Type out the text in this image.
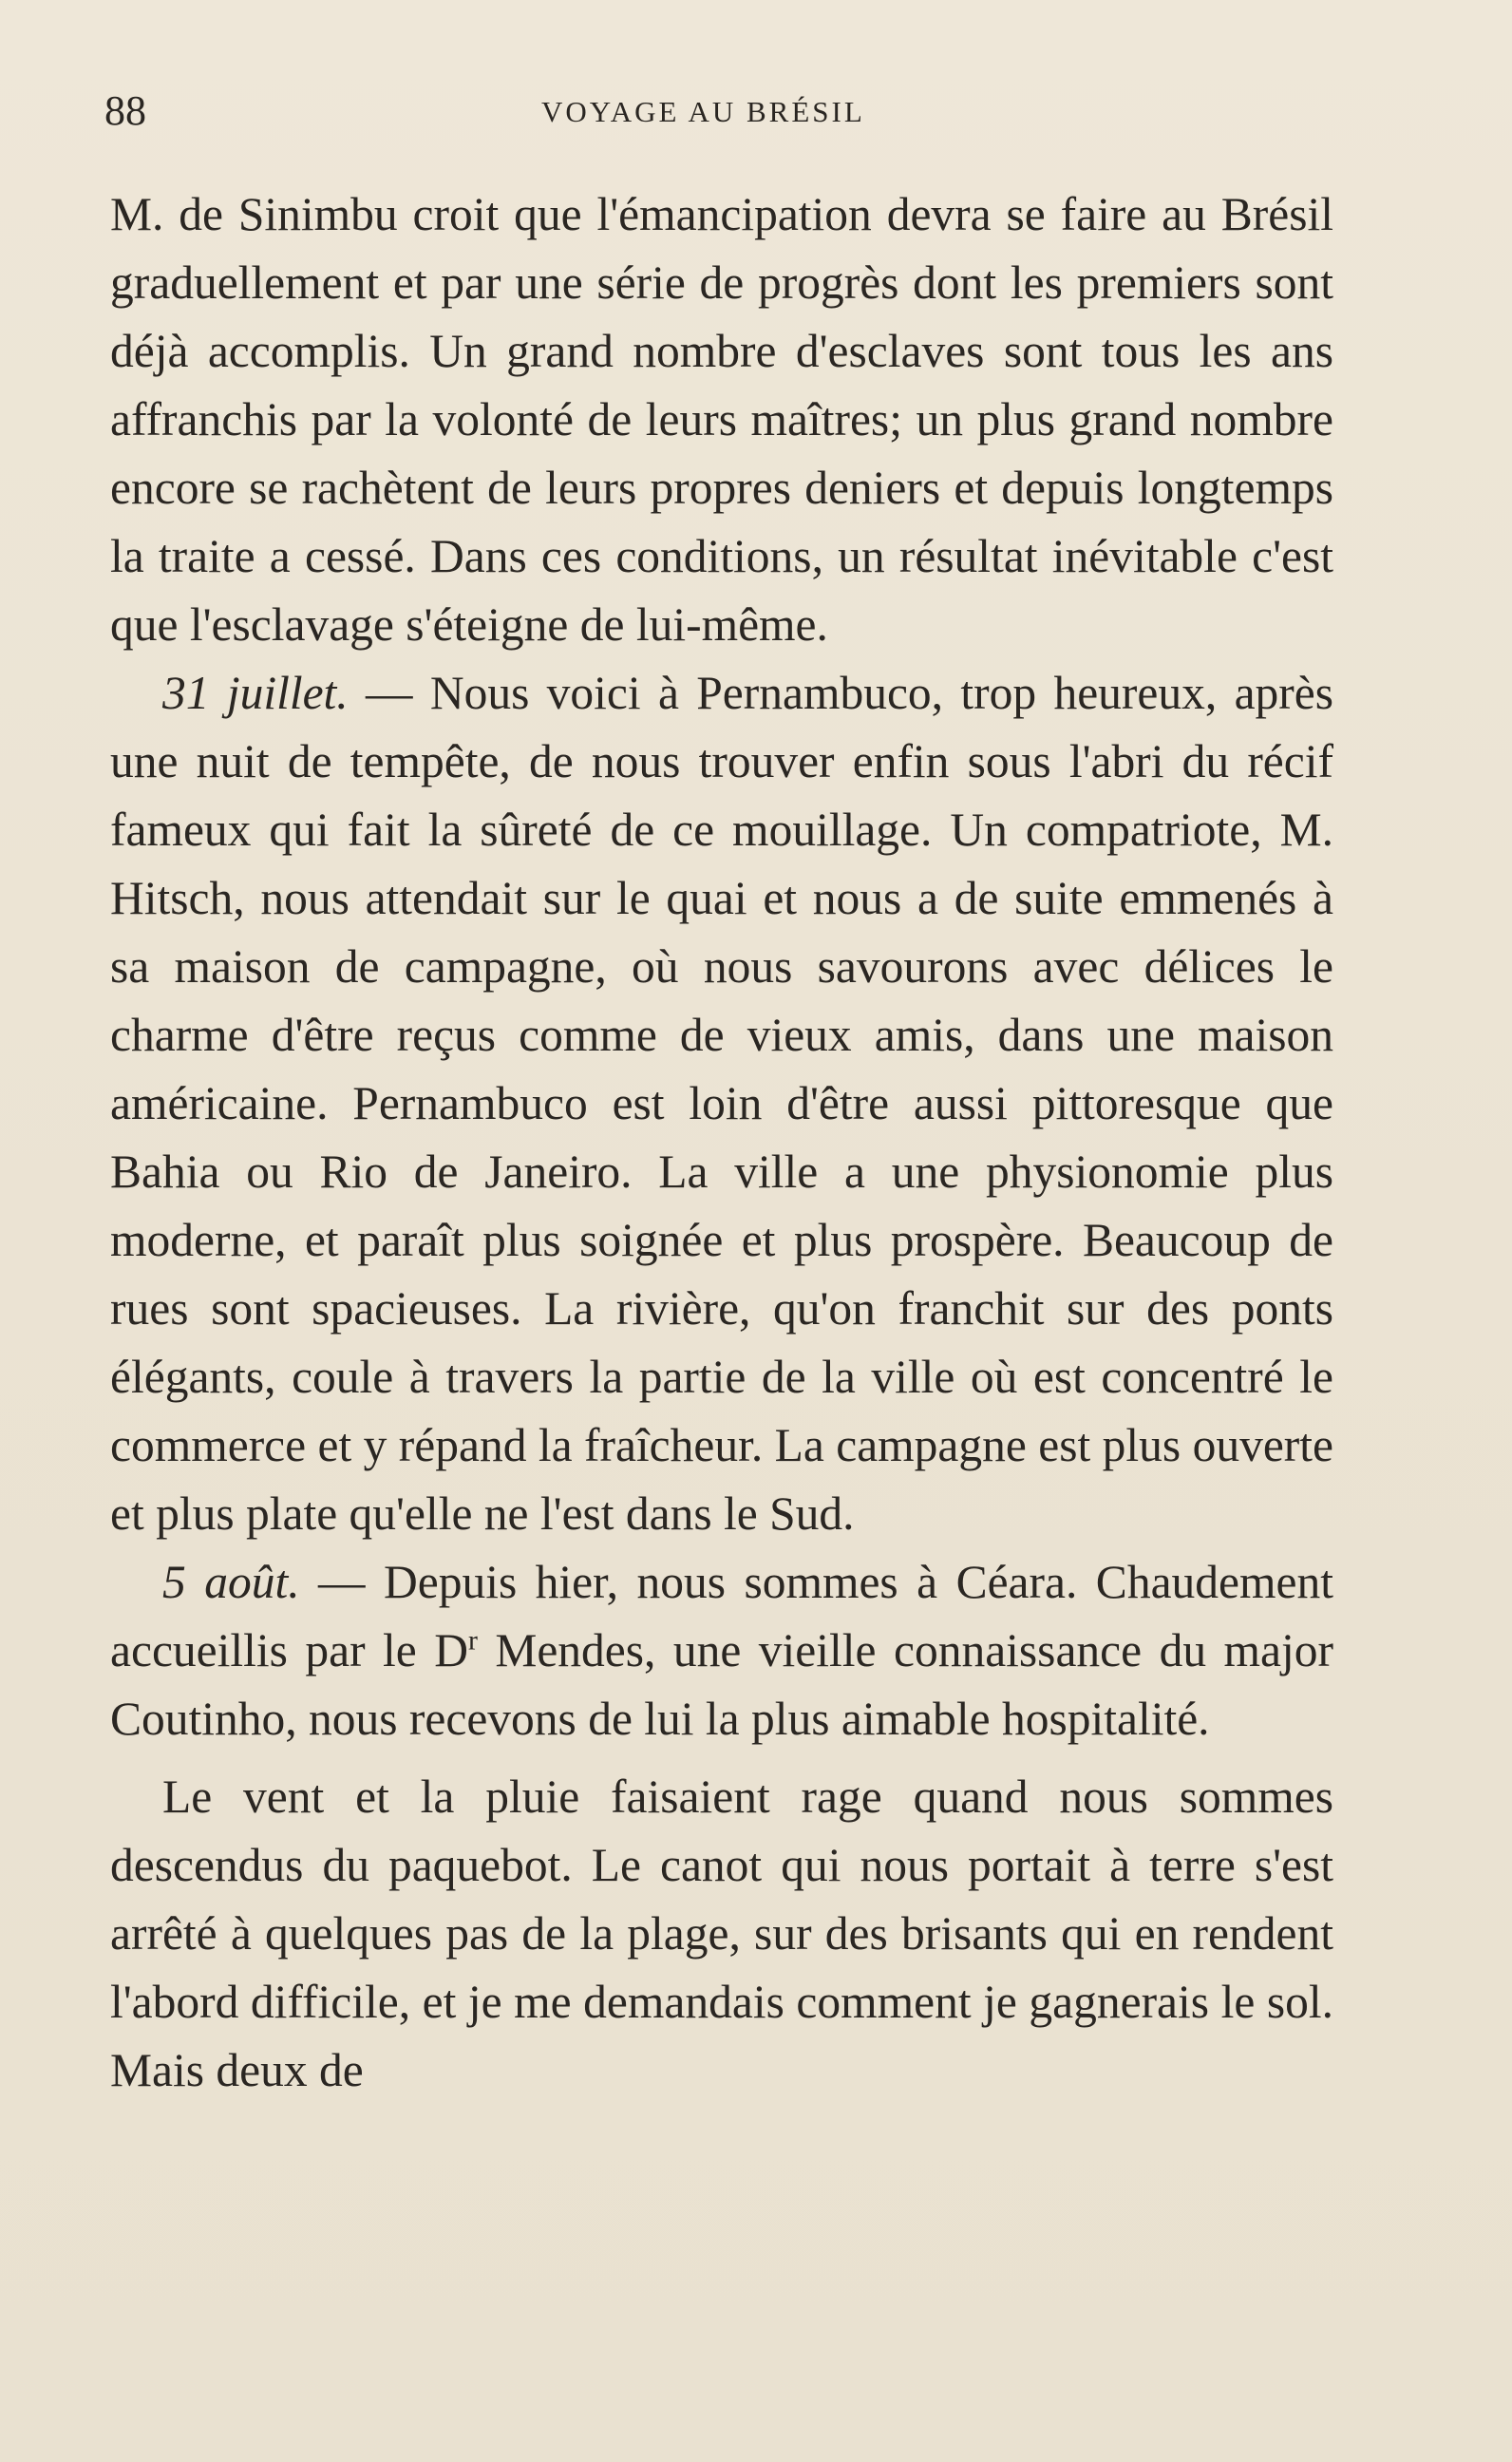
88	VOYAGE AU BRÉSIL

M. de Sinimbu croit que l'émancipation devra se faire au Brésil graduellement et par une série de progrès dont les premiers sont déjà accomplis. Un grand nombre d'esclaves sont tous les ans affranchis par la volonté de leurs maîtres; un plus grand nombre encore se rachètent de leurs propres deniers et depuis longtemps la traite a cessé. Dans ces conditions, un résultat inévitable c'est que l'esclavage s'éteigne de lui-même.

31 juillet. — Nous voici à Pernambuco, trop heureux, après une nuit de tempête, de nous trouver enfin sous l'abri du récif fameux qui fait la sûreté de ce mouillage. Un compatriote, M. Hitsch, nous attendait sur le quai et nous a de suite emmenés à sa maison de campagne, où nous savourons avec délices le charme d'être reçus comme de vieux amis, dans une maison américaine. Pernambuco est loin d'être aussi pittoresque que Bahia ou Rio de Janeiro. La ville a une physionomie plus moderne, et paraît plus soignée et plus prospère. Beaucoup de rues sont spacieuses. La rivière, qu'on franchit sur des ponts élégants, coule à travers la partie de la ville où est concentré le commerce et y répand la fraîcheur. La campagne est plus ouverte et plus plate qu'elle ne l'est dans le Sud.

5 août. — Depuis hier, nous sommes à Céara. Chaudement accueillis par le $D^r$ Mendes, une vieille connaissance du major Coutinho, nous recevons de lui la plus aimable hospitalité.

Le vent et la pluie faisaient rage quand nous sommes descendus du paquebot. Le canot qui nous portait à terre s'est arrêté à quelques pas de la plage, sur des brisants qui en rendent l'abord difficile, et je me demandais comment je gagnerais le sol. Mais deux de
